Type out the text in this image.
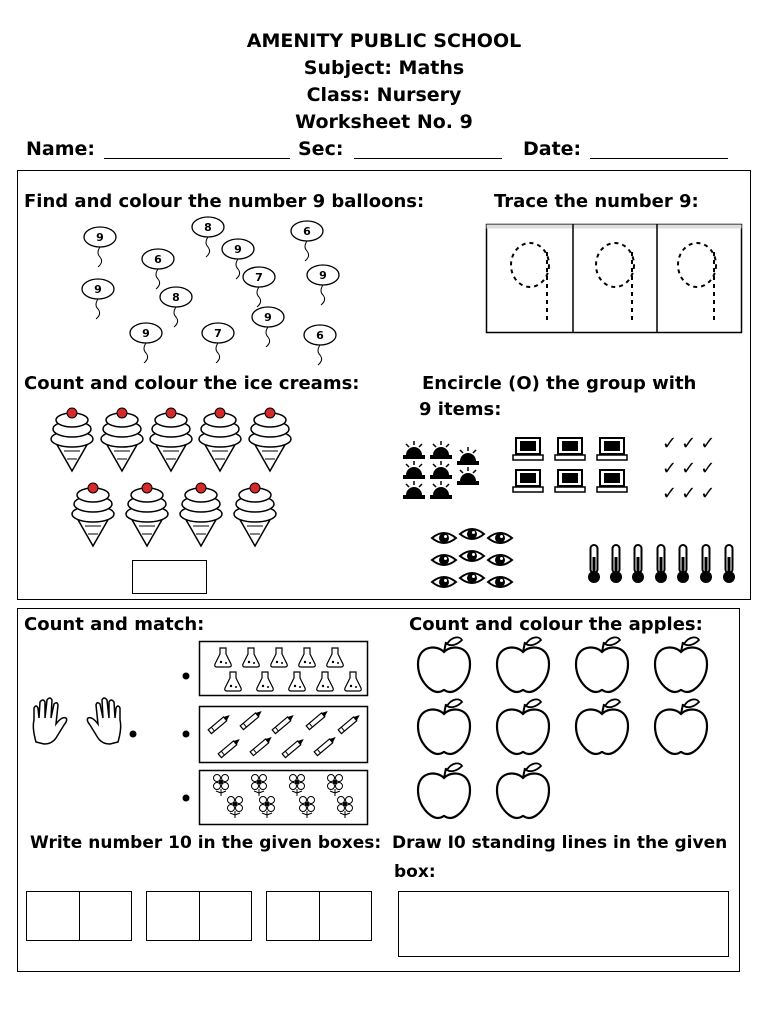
AMENITY PUBLIC SCHOOL
Subject: Maths
Class: Nursery
Worksheet No. 9
Name:	Sec:	Date:
Find and colour the number 9 balloons:	Trace the number 9:
8
9	6
6
9
9
7	9
8
9
9	7	6
Count and colour the ice creams:	Encircle (O) the group with
9 items:
✓✓✓
✓✓✓
✓✓✓
Count and match:	Count and colour the apples:
Write number 10 in the given boxes: Draw I0 standing lines in the given
box:
